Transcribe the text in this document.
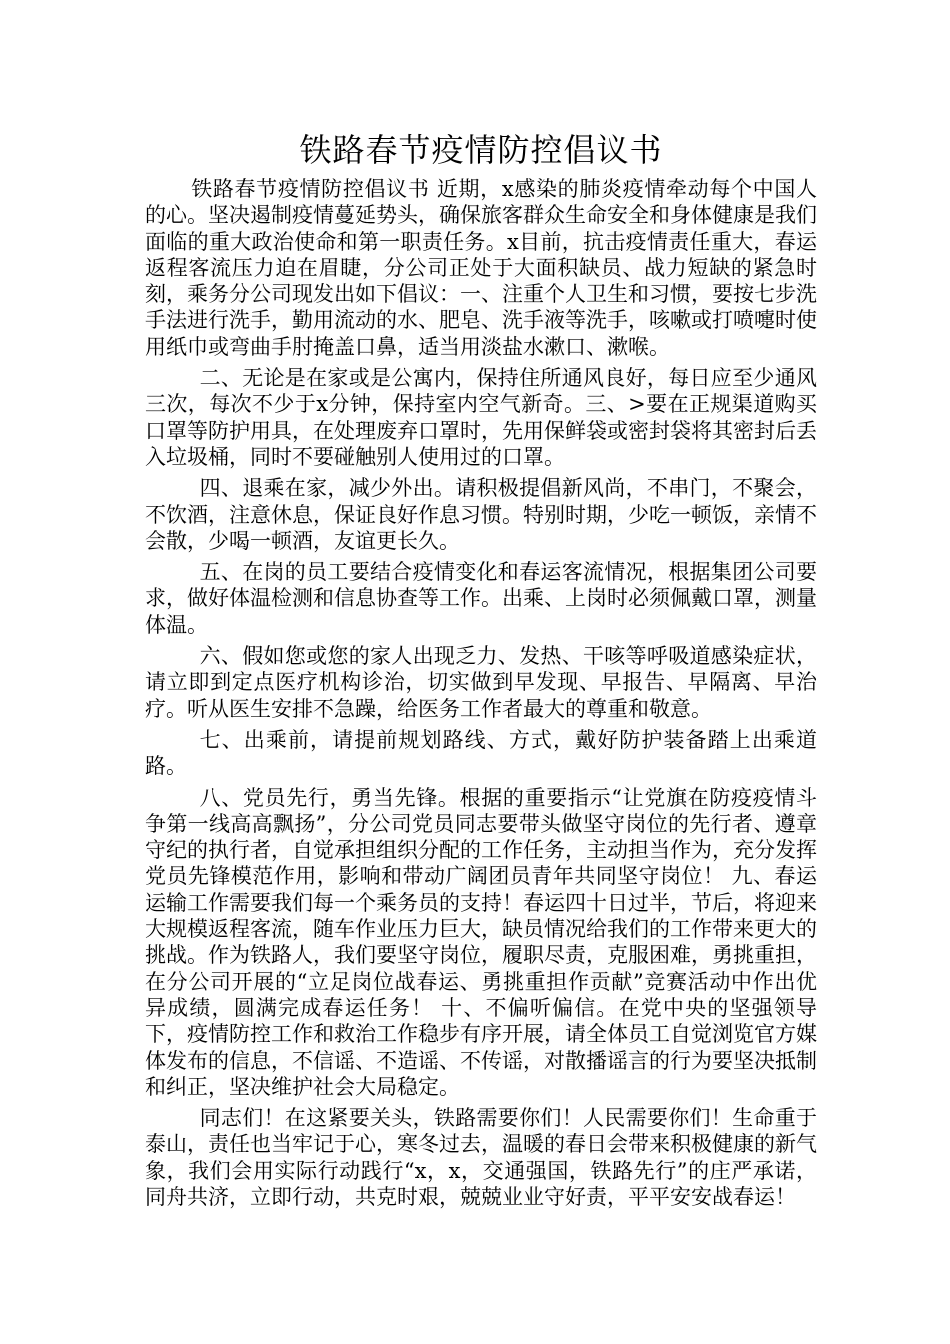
铁路春节疫情防控倡议书

铁路春节疫情防控倡议书 近期，x感染的肺炎疫情牵动每个中国人的心。坚决遏制疫情蔓延势头，确保旅客群众生命安全和身体健康是我们面临的重大政治使命和第一职责任务。x目前，抗击疫情责任重大，春运返程客流压力迫在眉睫，分公司正处于大面积缺员、战力短缺的紧急时刻，乘务分公司现发出如下倡议：一、注重个人卫生和习惯，要按七步洗手法进行洗手，勤用流动的水、肥皂、洗手液等洗手，咳嗽或打喷嚏时使用纸巾或弯曲手肘掩盖口鼻，适当用淡盐水漱口、漱喉。

二、无论是在家或是公寓内，保持住所通风良好，每日应至少通风三次，每次不少于x分钟，保持室内空气新奇。三、>要在正规渠道购买口罩等防护用具，在处理废弃口罩时，先用保鲜袋或密封袋将其密封后丢入垃圾桶，同时不要碰触别人使用过的口罩。

四、退乘在家，减少外出。请积极提倡新风尚，不串门，不聚会，不饮酒，注意休息，保证良好作息习惯。特别时期，少吃一顿饭，亲情不会散，少喝一顿酒，友谊更长久。

五、在岗的员工要结合疫情变化和春运客流情况，根据集团公司要求，做好体温检测和信息协查等工作。出乘、上岗时必须佩戴口罩，测量体温。

六、假如您或您的家人出现乏力、发热、干咳等呼吸道感染症状，请立即到定点医疗机构诊治，切实做到早发现、早报告、早隔离、早治疗。听从医生安排不急躁，给医务工作者最大的尊重和敬意。

七、出乘前，请提前规划路线、方式，戴好防护装备踏上出乘道路。

八、党员先行，勇当先锋。根据的重要指示“让党旗在防疫疫情斗争第一线高高飘扬”，分公司党员同志要带头做坚守岗位的先行者、遵章守纪的执行者，自觉承担组织分配的工作任务，主动担当作为，充分发挥党员先锋模范作用，影响和带动广阔团员青年共同坚守岗位！ 九、春运运输工作需要我们每一个乘务员的支持！春运四十日过半，节后，将迎来大规模返程客流，随车作业压力巨大，缺员情况给我们的工作带来更大的挑战。作为铁路人，我们要坚守岗位，履职尽责，克服困难，勇挑重担，在分公司开展的“立足岗位战春运、勇挑重担作贡献”竞赛活动中作出优异成绩，圆满完成春运任务！ 十、不偏听偏信。在党中央的坚强领导下，疫情防控工作和救治工作稳步有序开展，请全体员工自觉浏览官方媒体发布的信息，不信谣、不造谣、不传谣，对散播谣言的行为要坚决抵制和纠正，坚决维护社会大局稳定。

同志们！在这紧要关头，铁路需要你们！人民需要你们！生命重于泰山，责任也当牢记于心，寒冬过去，温暖的春日会带来积极健康的新气象，我们会用实际行动践行“x，x，交通强国，铁路先行”的庄严承诺，同舟共济，立即行动，共克时艰，兢兢业业守好责，平平安安战春运！
